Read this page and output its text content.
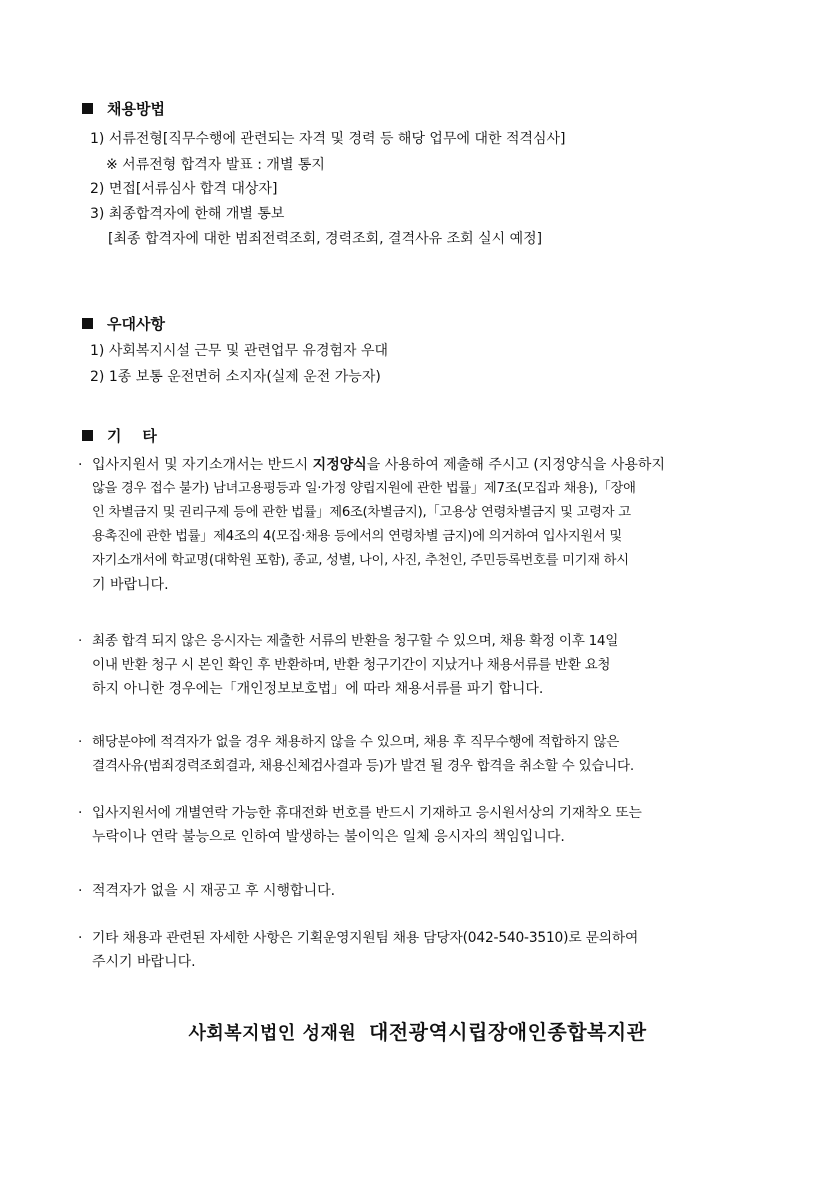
채용방법
1) 서류전형[직무수행에 관련되는 자격 및 경력 등 해당 업무에 대한 적격심사]
※ 서류전형 합격자 발표 : 개별 통지
2) 면접[서류심사 합격 대상자]
3) 최종합격자에 한해 개별 통보
[최종 합격자에 대한 범죄전력조회, 경력조회, 결격사유 조회 실시 예정]
우대사항
1) 사회복지시설 근무 및 관련업무 유경험자 우대
2) 1종 보통 운전면허 소지자(실제 운전 가능자)
기    타
· 입사지원서 및 자기소개서는 반드시 지정양식을 사용하여 제출해 주시고 (지정양식을 사용하지
않을 경우 접수 불가) 남녀고용평등과 일·가정 양립지원에 관한 법률」제7조(모집과 채용),「장애
인 차별금지 및 권리구제 등에 관한 법률」제6조(차별금지),「고용상 연령차별금지 및 고령자 고
용촉진에 관한 법률」제4조의 4(모집·채용 등에서의 연령차별 금지)에 의거하여 입사지원서 및
자기소개서에 학교명(대학원 포함), 종교, 성별, 나이, 사진, 추천인, 주민등록번호를 미기재 하시
기 바랍니다.
· 최종 합격 되지 않은 응시자는 제출한 서류의 반환을 청구할 수 있으며, 채용 확정 이후 14일
이내 반환 청구 시 본인 확인 후 반환하며, 반환 청구기간이 지났거나 채용서류를 반환 요청
하지 아니한 경우에는「개인정보보호법」에 따라 채용서류를 파기 합니다.
· 해당분야에 적격자가 없을 경우 채용하지 않을 수 있으며, 채용 후 직무수행에 적합하지 않은
결격사유(범죄경력조회결과, 채용신체검사결과 등)가 발견 될 경우 합격을 취소할 수 있습니다.
· 입사지원서에 개별연락 가능한 휴대전화 번호를 반드시 기재하고 응시원서상의 기재착오 또는
누락이나 연락 불능으로 인하여 발생하는 불이익은 일체 응시자의 책임입니다.
· 적격자가 없을 시 재공고 후 시행합니다.
· 기타 채용과 관련된 자세한 사항은 기획운영지원팀 채용 담당자(042-540-3510)로 문의하여
주시기 바랍니다.
사회복지법인 성재원 대전광역시립장애인종합복지관
